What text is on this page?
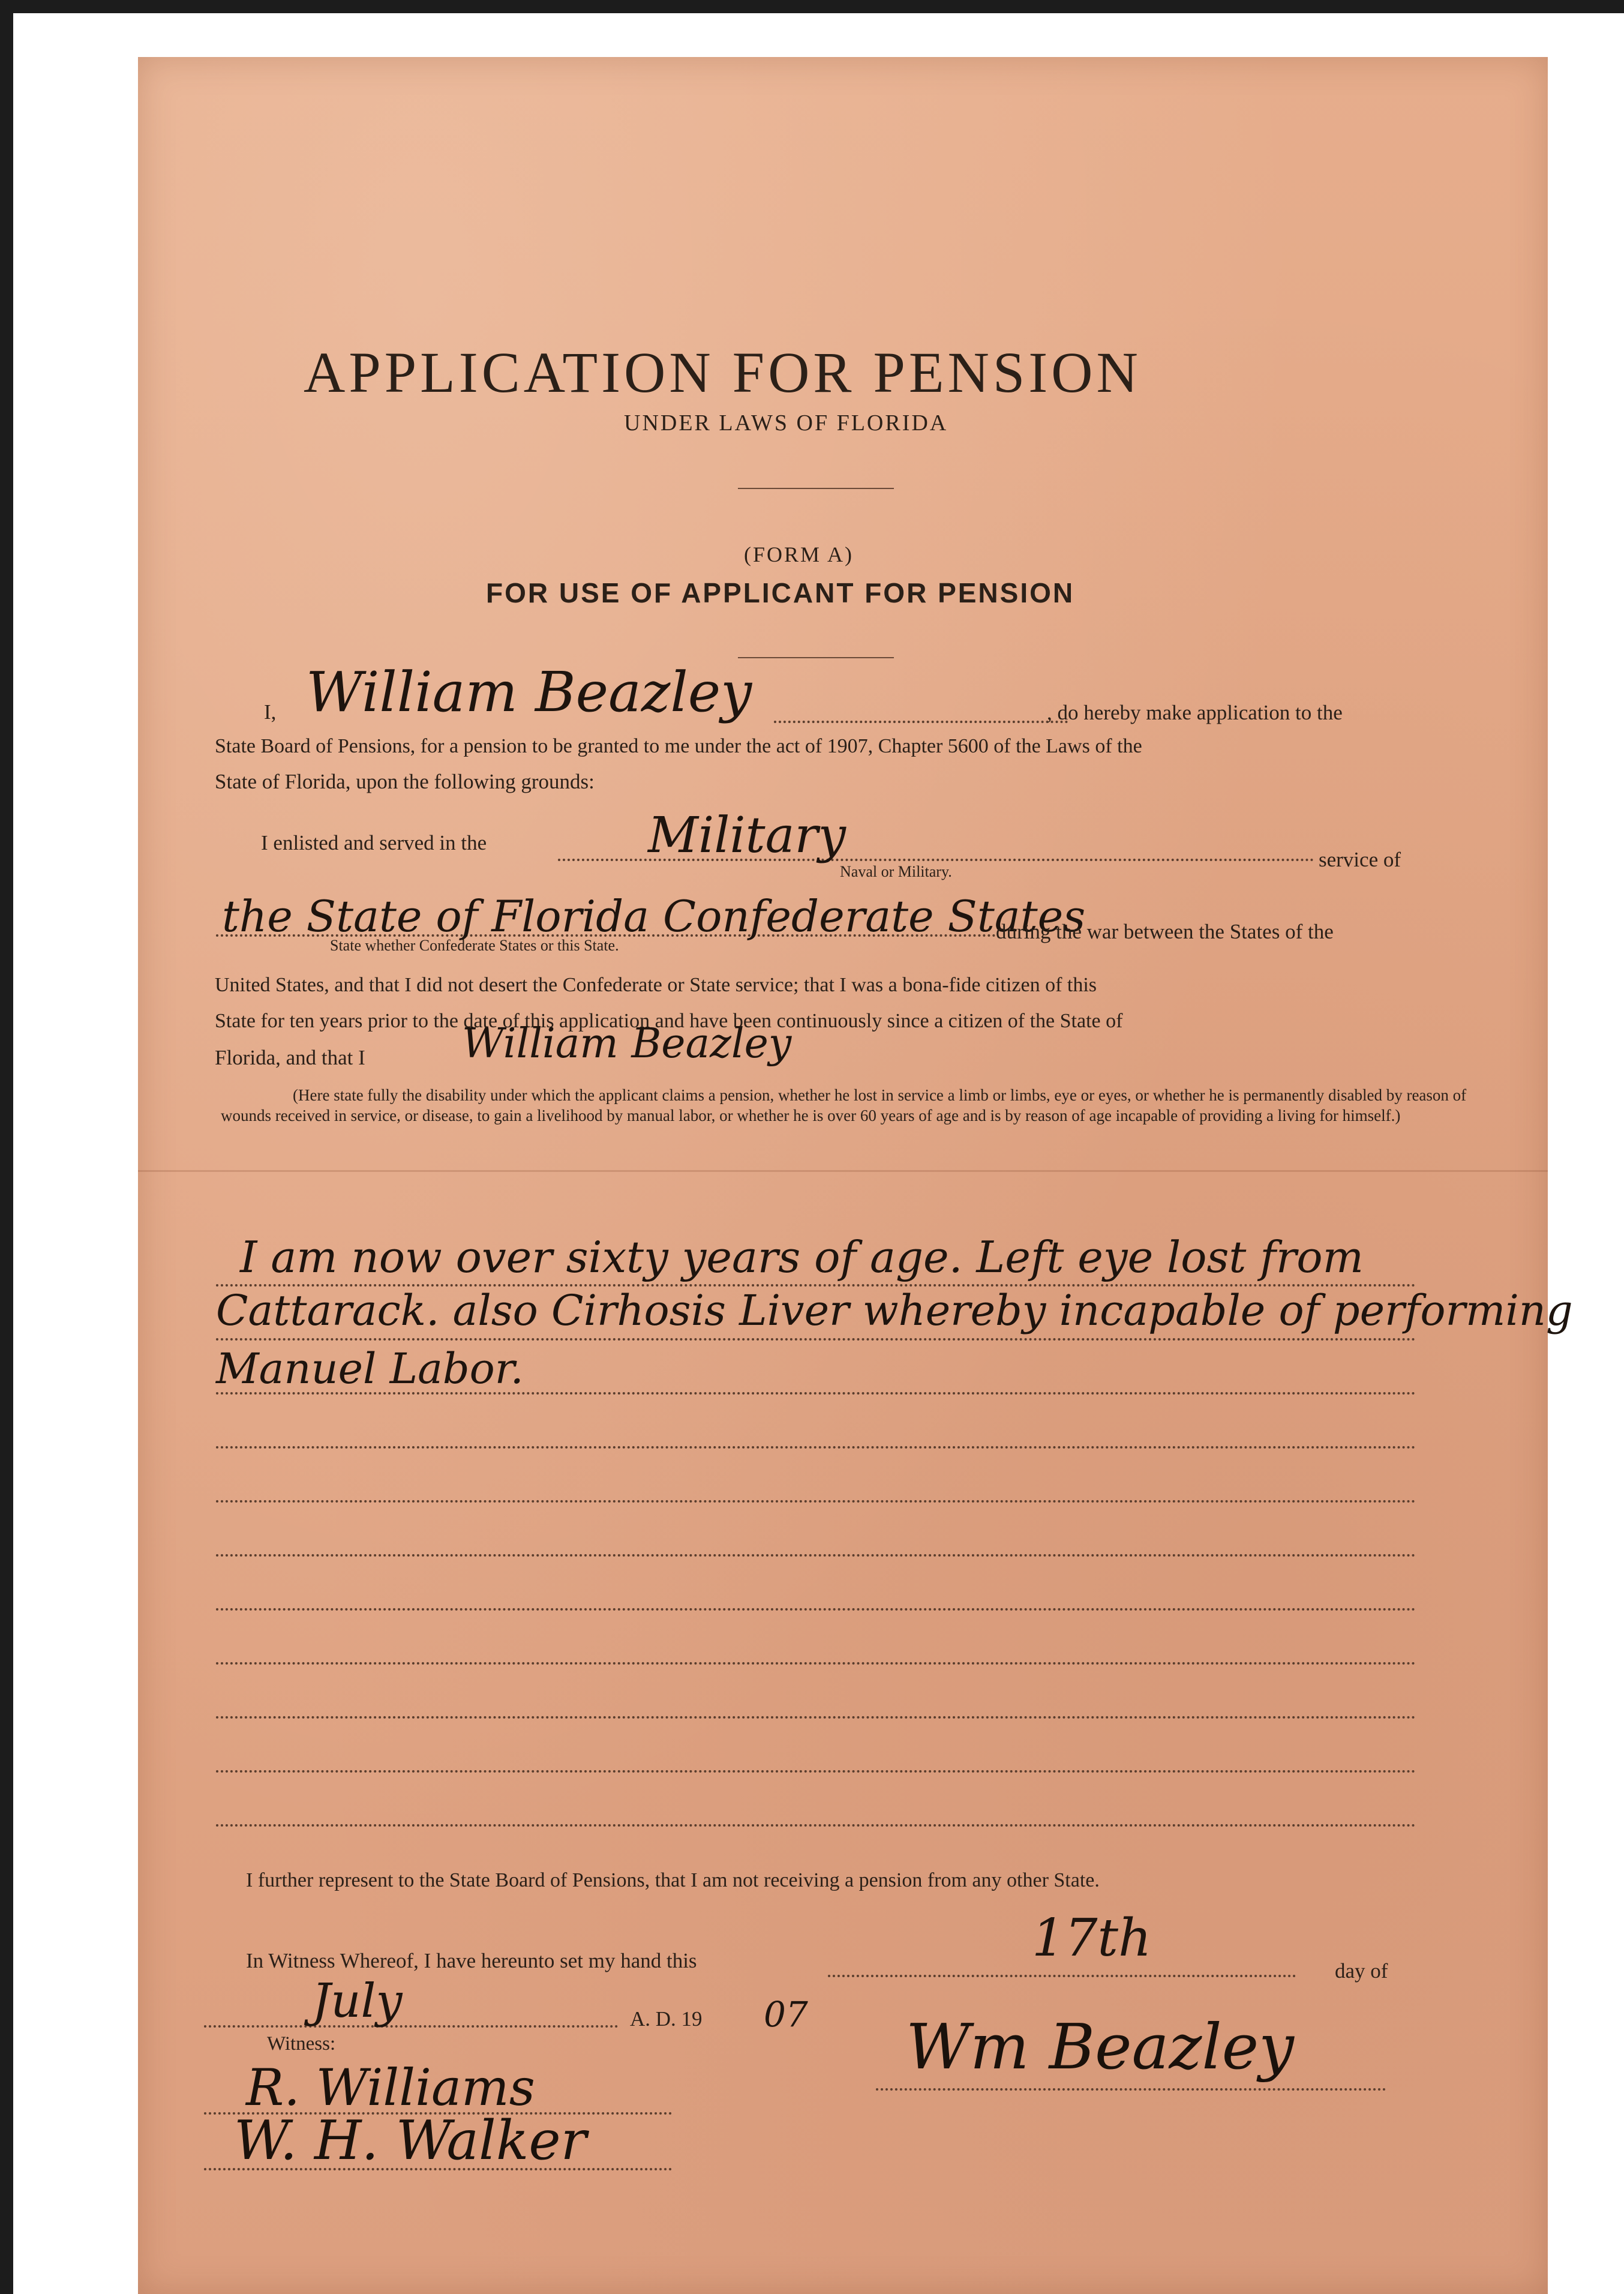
APPLICATION FOR PENSION
UNDER LAWS OF FLORIDA
(FORM A)
FOR USE OF APPLICANT FOR PENSION
I, William Beazley	, do hereby make application to the
State Board of Pensions, for a pension to be granted to me under the act of 1907, Chapter 5600 of the Laws of the
State of Florida, upon the following grounds:
I enlisted and served in the	Military	service of
Naval or Military.
the State of Florida Confederate States
during the war between the States of the
State whether Confederate States or this State.
United States, and that I did not desert the Confederate or State service; that I was a bona-fide citizen of this
State for ten years prior to the date of this application and have been continuously since a citizen of the State of
Florida, and that I William Beazley
(Here state fully the disability under which the applicant claims a pension, whether he lost in service a limb or limbs, eye or eyes, or whether he is permanently disabled by reason of wounds received in service, or disease, to gain a livelihood by manual labor, or whether he is over 60 years of age and is by reason of age incapable of providing a living for himself.)
I am now over sixty years of age. Left eye lost from
Cattarack. also Cirhosis Liver whereby incapable of performing
Manuel Labor.
I further represent to the State Board of Pensions, that I am not receiving a pension from any other State.
In Witness Whereof, I have hereunto set my hand this	17th
day of
July	A. D. 19 07
Witness:
R. Williams
W. H. Walker
Wm Beazley
